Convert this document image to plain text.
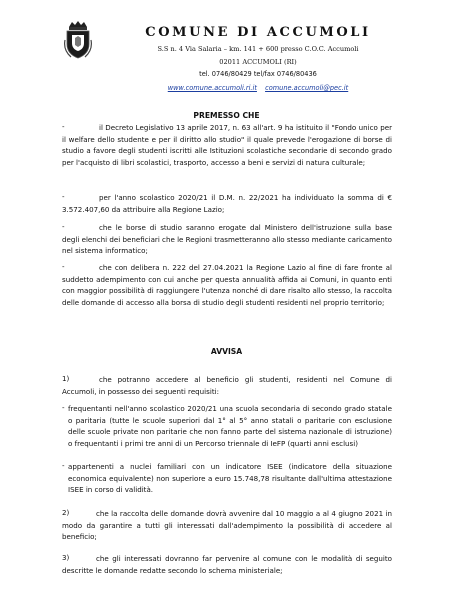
COMUNE DI ACCUMOLI
S.S n. 4 Via Salaria – km. 141 + 600 presso C.O.C. Accumoli
02011 ACCUMOLI (RI)
tel. 0746/80429 tel/fax 0746/80436
www.comune.accumoli.ri.it comune.accumoli@pec.it
PREMESSO CHE
-	il Decreto Legislativo 13 aprile 2017, n. 63 all'art. 9 ha istituito il "Fondo unico per il welfare dello studente e per il diritto allo studio" il quale prevede l'erogazione di borse di studio a favore degli studenti iscritti alle Istituzioni scolastiche secondarie di secondo grado per l'acquisto di libri scolastici, trasporto, accesso a beni e servizi di natura culturale;
-	per l'anno scolastico 2020/21 il D.M. n. 22/2021 ha individuato la somma di € 3.572.407,60 da attribuire alla Regione Lazio;
-	che le borse di studio saranno erogate dal Ministero dell'istruzione sulla base degli elenchi dei beneficiari che le Regioni trasmetteranno allo stesso mediante caricamento nel sistema informatico;
-	che con delibera n. 222 del 27.04.2021 la Regione Lazio al fine di fare fronte al suddetto adempimento con cui anche per questa annualità affida ai Comuni, in quanto enti con maggior possibilità di raggiungere l'utenza nonché di dare risalto allo stesso, la raccolta delle domande di accesso alla borsa di studio degli studenti residenti nel proprio territorio;
AVVISA
1)	che potranno accedere al beneficio gli studenti, residenti nel Comune di Accumoli, in possesso dei seguenti requisiti:
- frequentanti nell'anno scolastico 2020/21 una scuola secondaria di secondo grado statale o paritaria (tutte le scuole superiori dal 1° al 5° anno statali o paritarie con esclusione delle scuole private non paritarie che non fanno parte del sistema nazionale di istruzione) o frequentanti i primi tre anni di un Percorso triennale di IeFP (quarti anni esclusi)
- appartenenti a nuclei familiari con un indicatore ISEE (indicatore della situazione economica equivalente) non superiore a euro 15.748,78 risultante dall'ultima attestazione ISEE in corso di validità.
2)	che la raccolta delle domande dovrà avvenire dal 10 maggio a al 4 giugno 2021 in modo da garantire a tutti gli interessati dall'adempimento la possibilità di accedere al beneficio;
3)	che gli interessati dovranno far pervenire al comune con le modalità di seguito descritte le domande redatte secondo lo schema ministeriale;
